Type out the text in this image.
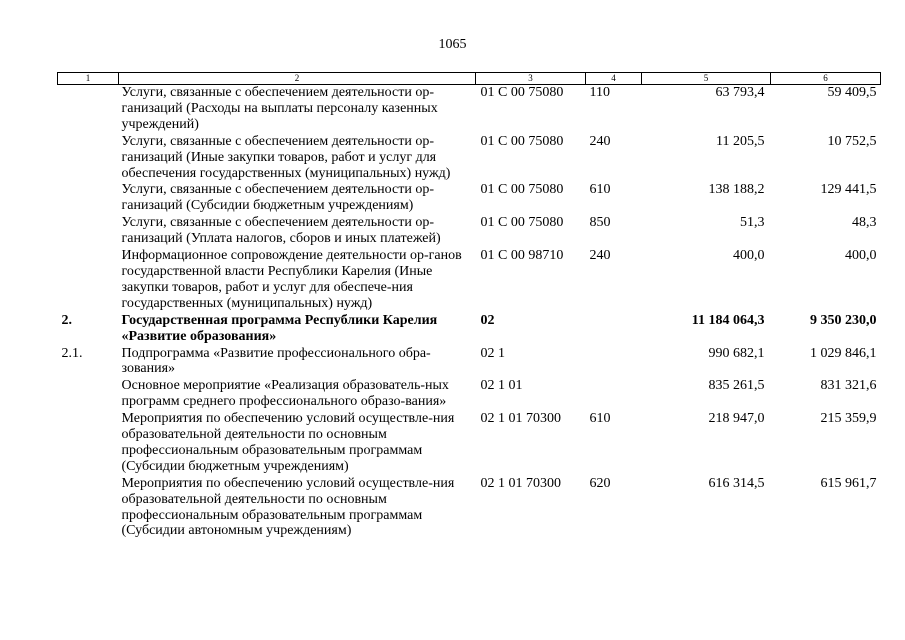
1065
1	2	3	4	5	6
	Услуги, связанные с обеспечением деятельности ор-ганизаций (Расходы на выплаты персоналу казенных учреждений)	01 С 00 75080	110	63 793,4	59 409,5
	Услуги, связанные с обеспечением деятельности ор-ганизаций (Иные закупки товаров, работ и услуг для обеспечения государственных (муниципальных) нужд)	01 С 00 75080	240	11 205,5	10 752,5
	Услуги, связанные с обеспечением деятельности ор-ганизаций (Субсидии бюджетным учреждениям)	01 С 00 75080	610	138 188,2	129 441,5
	Услуги, связанные с обеспечением деятельности ор-ганизаций (Уплата налогов, сборов и иных платежей)	01 С 00 75080	850	51,3	48,3
	Информационное сопровождение деятельности ор-ганов государственной власти Республики Карелия (Иные закупки товаров, работ и услуг для обеспече-ния государственных (муниципальных) нужд)	01 С 00 98710	240	400,0	400,0
2.	Государственная программа Республики Карелия «Развитие образования»	02		11 184 064,3	9 350 230,0
2.1.	Подпрограмма «Развитие профессионального обра-зования»	02 1		990 682,1	1 029 846,1
	Основное мероприятие «Реализация образователь-ных программ среднего профессионального образо-вания»	02 1 01		835 261,5	831 321,6
	Мероприятия по обеспечению условий осуществле-ния образовательной деятельности по основным профессиональным образовательным программам (Субсидии бюджетным учреждениям)	02 1 01 70300	610	218 947,0	215 359,9
	Мероприятия по обеспечению условий осуществле-ния образовательной деятельности по основным профессиональным образовательным программам (Субсидии автономным учреждениям)	02 1 01 70300	620	616 314,5	615 961,7
